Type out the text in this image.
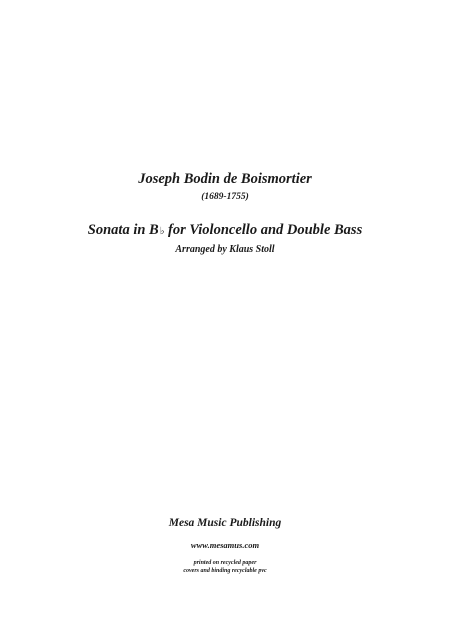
Joseph Bodin de Boismortier
(1689-1755)
Sonata in B♭ for Violoncello and Double Bass
Arranged by Klaus Stoll
Mesa Music Publishing
www.mesamus.com
printed on recycled paper
covers and binding recyclable pvc
